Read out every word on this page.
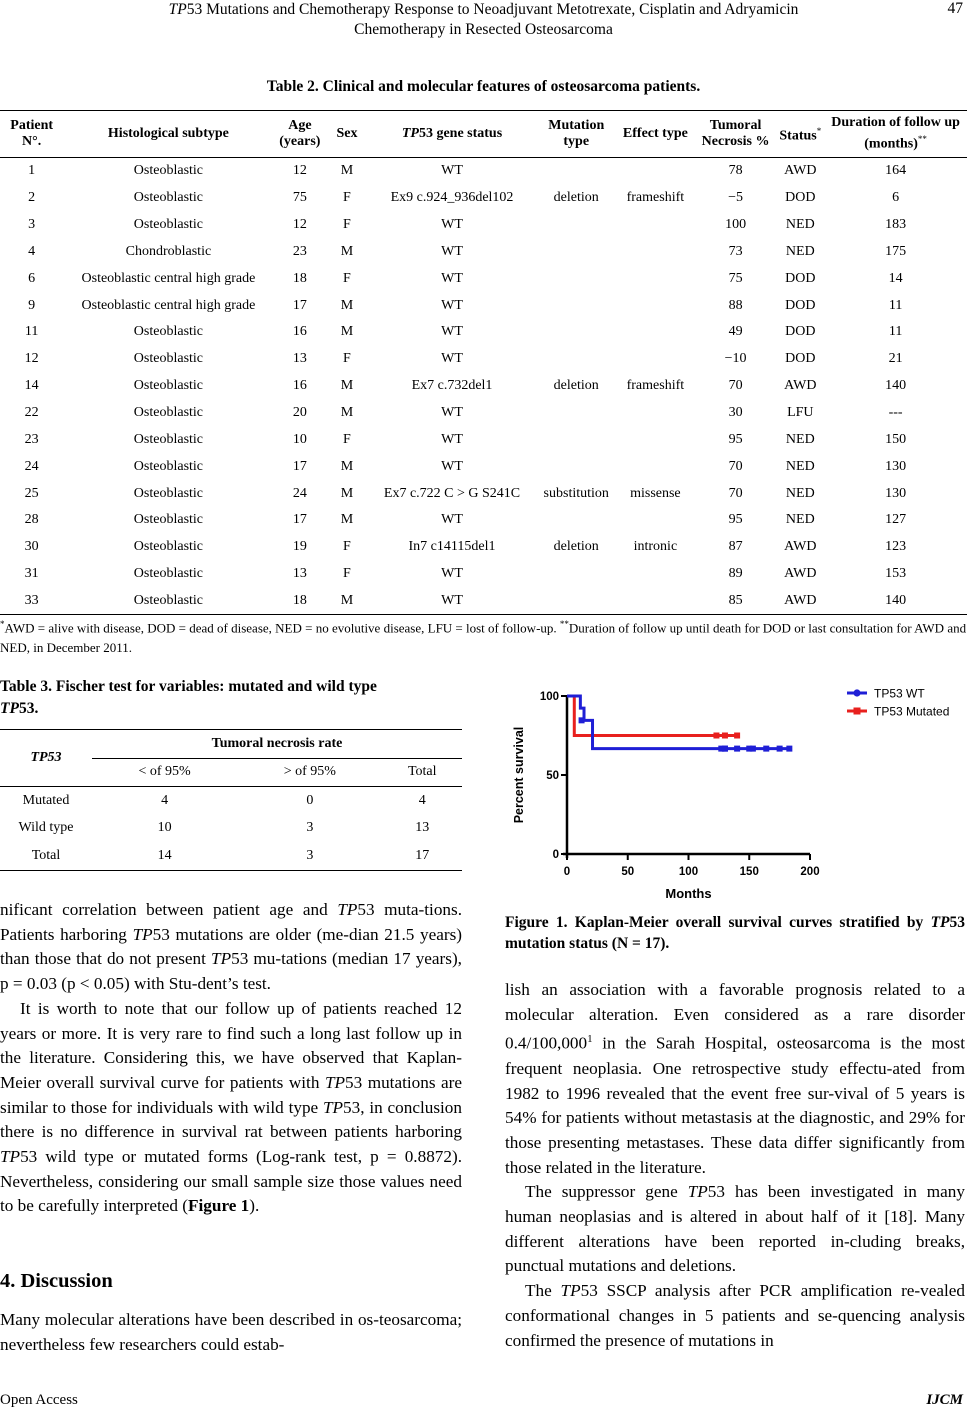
TP53 Mutations and Chemotherapy Response to Neoadjuvant Metotrexate, Cisplatin and Adryamicin
Chemotherapy in Resected Osteosarcoma
47
Table 2. Clinical and molecular features of osteosarcoma patients.
Patient N°.	Histological subtype	Age (years)	Sex	TP53 gene status	Mutation type	Effect type	Tumoral Necrosis %	Status*	Duration of follow up (months)**
1	Osteoblastic	12	M	WT			78	AWD	164
2	Osteoblastic	75	F	Ex9 c.924_936del102	deletion	frameshift	−5	DOD	6
3	Osteoblastic	12	F	WT			100	NED	183
4	Chondroblastic	23	M	WT			73	NED	175
6	Osteoblastic central high grade	18	F	WT			75	DOD	14
9	Osteoblastic central high grade	17	M	WT			88	DOD	11
11	Osteoblastic	16	M	WT			49	DOD	11
12	Osteoblastic	13	F	WT			−10	DOD	21
14	Osteoblastic	16	M	Ex7 c.732del1	deletion	frameshift	70	AWD	140
22	Osteoblastic	20	M	WT			30	LFU	---
23	Osteoblastic	10	F	WT			95	NED	150
24	Osteoblastic	17	M	WT			70	NED	130
25	Osteoblastic	24	M	Ex7 c.722 C > G S241C	substitution	missense	70	NED	130
28	Osteoblastic	17	M	WT			95	NED	127
30	Osteoblastic	19	F	In7 c14115del1	deletion	intronic	87	AWD	123
31	Osteoblastic	13	F	WT			89	AWD	153
33	Osteoblastic	18	M	WT			85	AWD	140
*AWD = alive with disease, DOD = dead of disease, NED = no evolutive disease, LFU = lost of follow-up. **Duration of follow up until death for DOD or last consultation for AWD and NED, in December 2011.
Table 3. Fischer test for variables: mutated and wild type
TP53.
TP53	Tumoral necrosis rate		
	< of 95%	> of 95%	Total
Mutated	4	0	4
Wild type	10	3	13
Total	14	3	17

nificant correlation between patient age and TP53 muta-tions. Patients harboring TP53 mutations are older (me-dian 21.5 years) than those that do not present TP53 mu-tations (median 17 years), p = 0.03 (p < 0.05) with Stu-dent’s test.

It is worth to note that our follow up of patients reached 12 years or more. It is very rare to find such a long last follow up in the literature. Considering this, we have observed that Kaplan-Meier overall survival curve for patients with TP53 mutations are similar to those for individuals with wild type TP53, in conclusion there is no difference in survival rat between patients harboring TP53 wild type or mutated forms (Log-rank test, p = 0.8872). Nevertheless, considering our small sample size those values need to be carefully interpreted (Figure 1).

4. Discussion

Many molecular alterations have been described in os-teosarcoma; nevertheless few researchers could estab-

0	50	100	150	200
0
50
100
Months
Percent survival
TP53 WT
TP53 Mutated
Figure 1. Kaplan-Meier overall survival curves stratified by TP53 mutation status (N = 17).

lish an association with a favorable prognosis related to a molecular alteration. Even considered as a rare disorder 0.4/100,000$^1$ in the Sarah Hospital, osteosarcoma is the most frequent neoplasia. One retrospective study effectu-ated from 1982 to 1996 revealed that the event free sur-vival of 5 years is 54% for patients without metastasis at the diagnostic, and 29% for those presenting metastases. These data differ significantly from those related in the literature.

The suppressor gene TP53 has been investigated in many human neoplasias and is altered in about half of it [18]. Many different alterations have been reported in-cluding breaks, punctual mutations and deletions.

The TP53 SSCP analysis after PCR amplification re-vealed conformational changes in 5 patients and se-quencing analysis confirmed the presence of mutations in

Open Access	IJCM
